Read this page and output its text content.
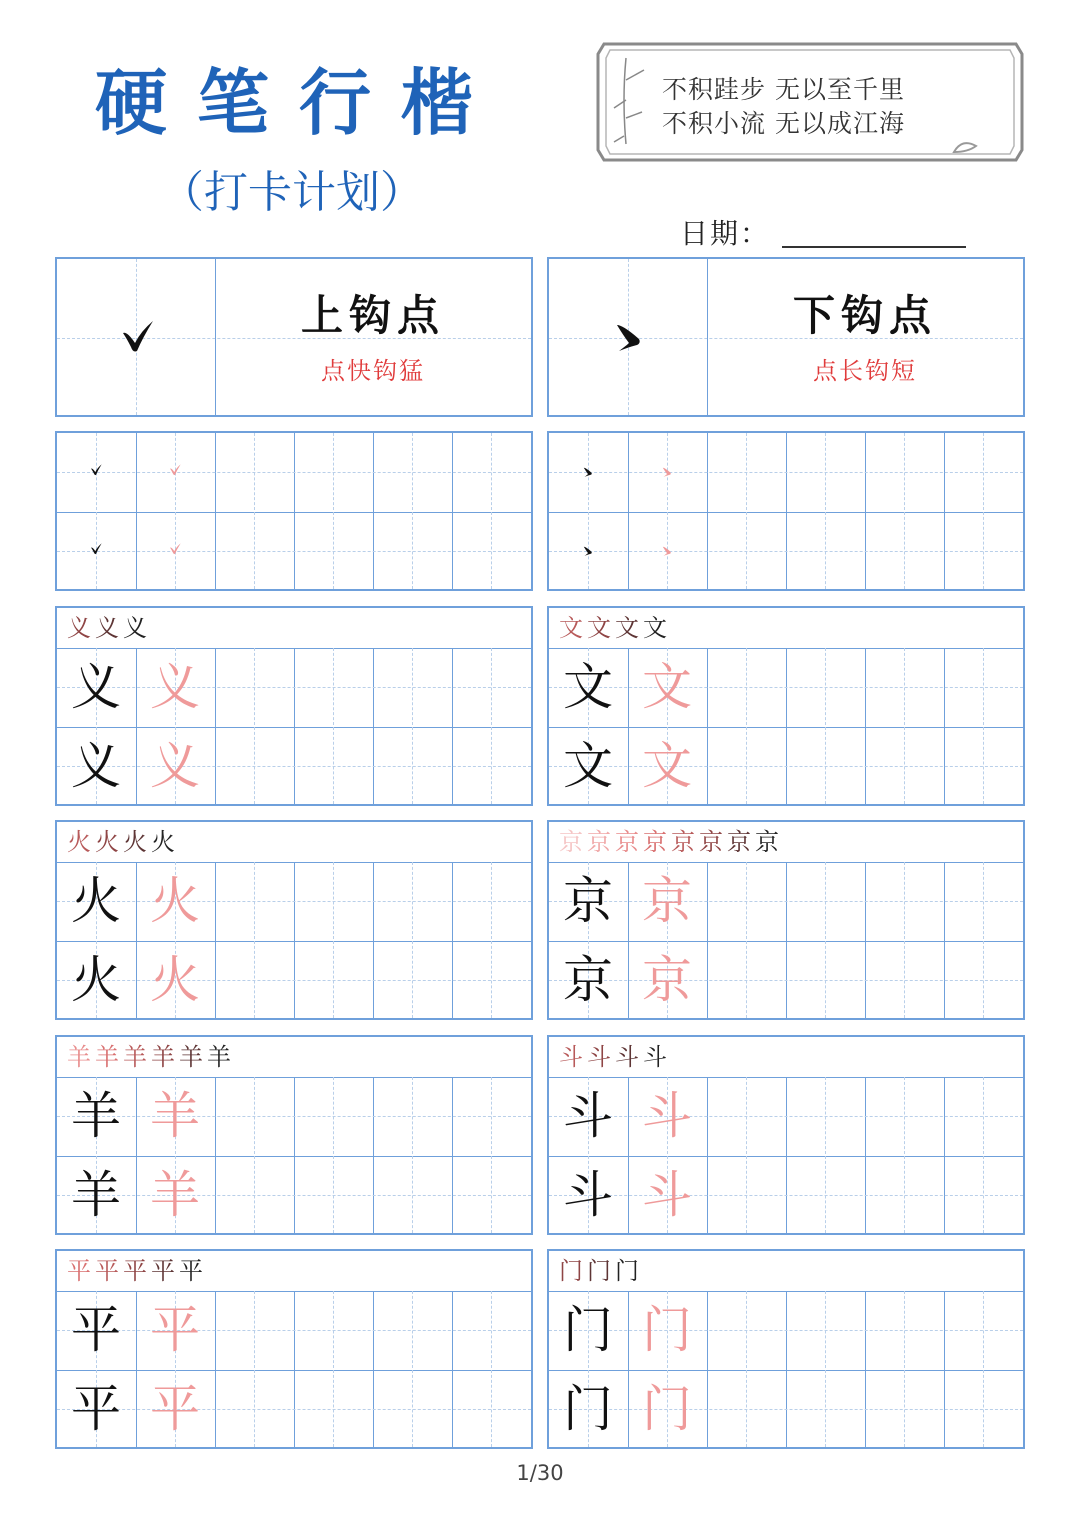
硬笔行楷
（打卡计划）
不积跬步 无以至千里
不积小流 无以成江海
日期：
上钩点
点快钩猛
下钩点
点长钩短
义 义 义
义 义
义 义
文 文 文 文
文 文
文 文
火 火 火 火
火 火
火 火
京 京 京 京 京 京 京 京
京 京
京 京
羊 羊 羊 羊 羊 羊
羊 羊
羊 羊
斗 斗 斗 斗
斗 斗
斗 斗
平 平 平 平 平
平 平
平 平
门 门 门
门 门
门 门
1/30
